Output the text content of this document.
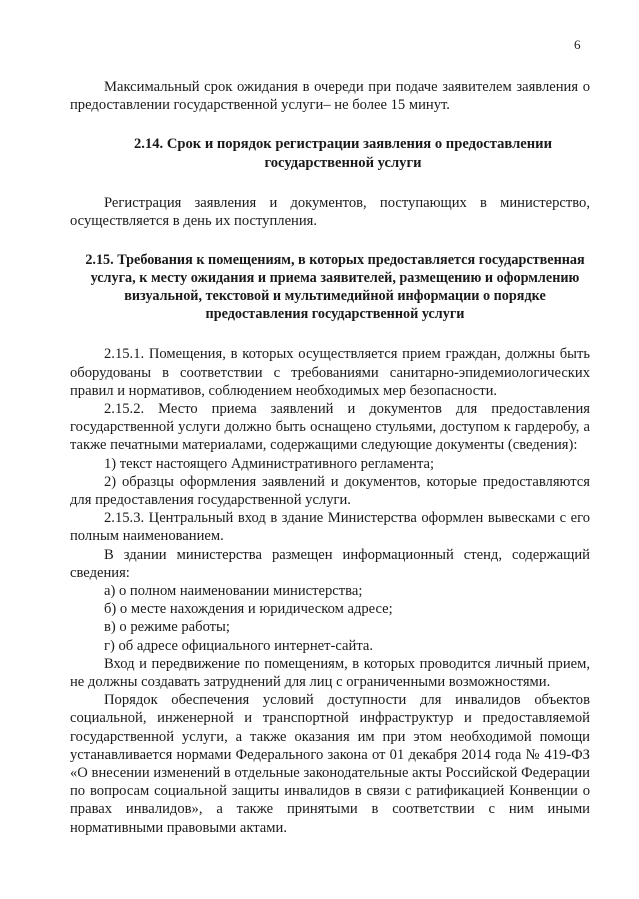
6

Максимальный срок ожидания в очереди при подаче заявителем заявления о предоставлении государственной услуги– не более 15 минут.

2.14. Срок и порядок регистрации заявления о предоставлении государственной услуги

Регистрация заявления и документов, поступающих в министерство, осуществляется в день их поступления.

2.15. Требования к помещениям, в которых предоставляется государственная услуга, к месту ожидания и приема заявителей, размещению и оформлению визуальной, текстовой и мультимедийной информации о порядке предоставления государственной услуги

2.15.1. Помещения, в которых осуществляется прием граждан, должны быть оборудованы в соответствии с требованиями санитарно-эпидемиологических правил и нормативов, соблюдением необходимых мер безопасности.

2.15.2. Место приема заявлений и документов для предоставления государственной услуги должно быть оснащено стульями, доступом к гардеробу, а также печатными материалами, содержащими следующие документы (сведения):

1) текст настоящего Административного регламента;

2) образцы оформления заявлений и документов, которые предоставляются для предоставления государственной услуги.

2.15.3. Центральный вход в здание Министерства оформлен вывесками с его полным наименованием.

В здании министерства размещен информационный стенд, содержащий сведения:

а) о полном наименовании министерства;

б) о месте нахождения и юридическом адресе;

в) о режиме работы;

г) об адресе официального интернет-сайта.

Вход и передвижение по помещениям, в которых проводится личный прием, не должны создавать затруднений для лиц с ограниченными возможностями.

Порядок обеспечения условий доступности для инвалидов объектов социальной, инженерной и транспортной инфраструктур и предоставляемой государственной услуги, а также оказания им при этом необходимой помощи устанавливается нормами Федерального закона от 01 декабря 2014 года № 419-ФЗ «О внесении изменений в отдельные законодательные акты Российской Федерации по вопросам социальной защиты инвалидов в связи с ратификацией Конвенции о правах инвалидов», а также принятыми в соответствии с ним иными нормативными правовыми актами.
